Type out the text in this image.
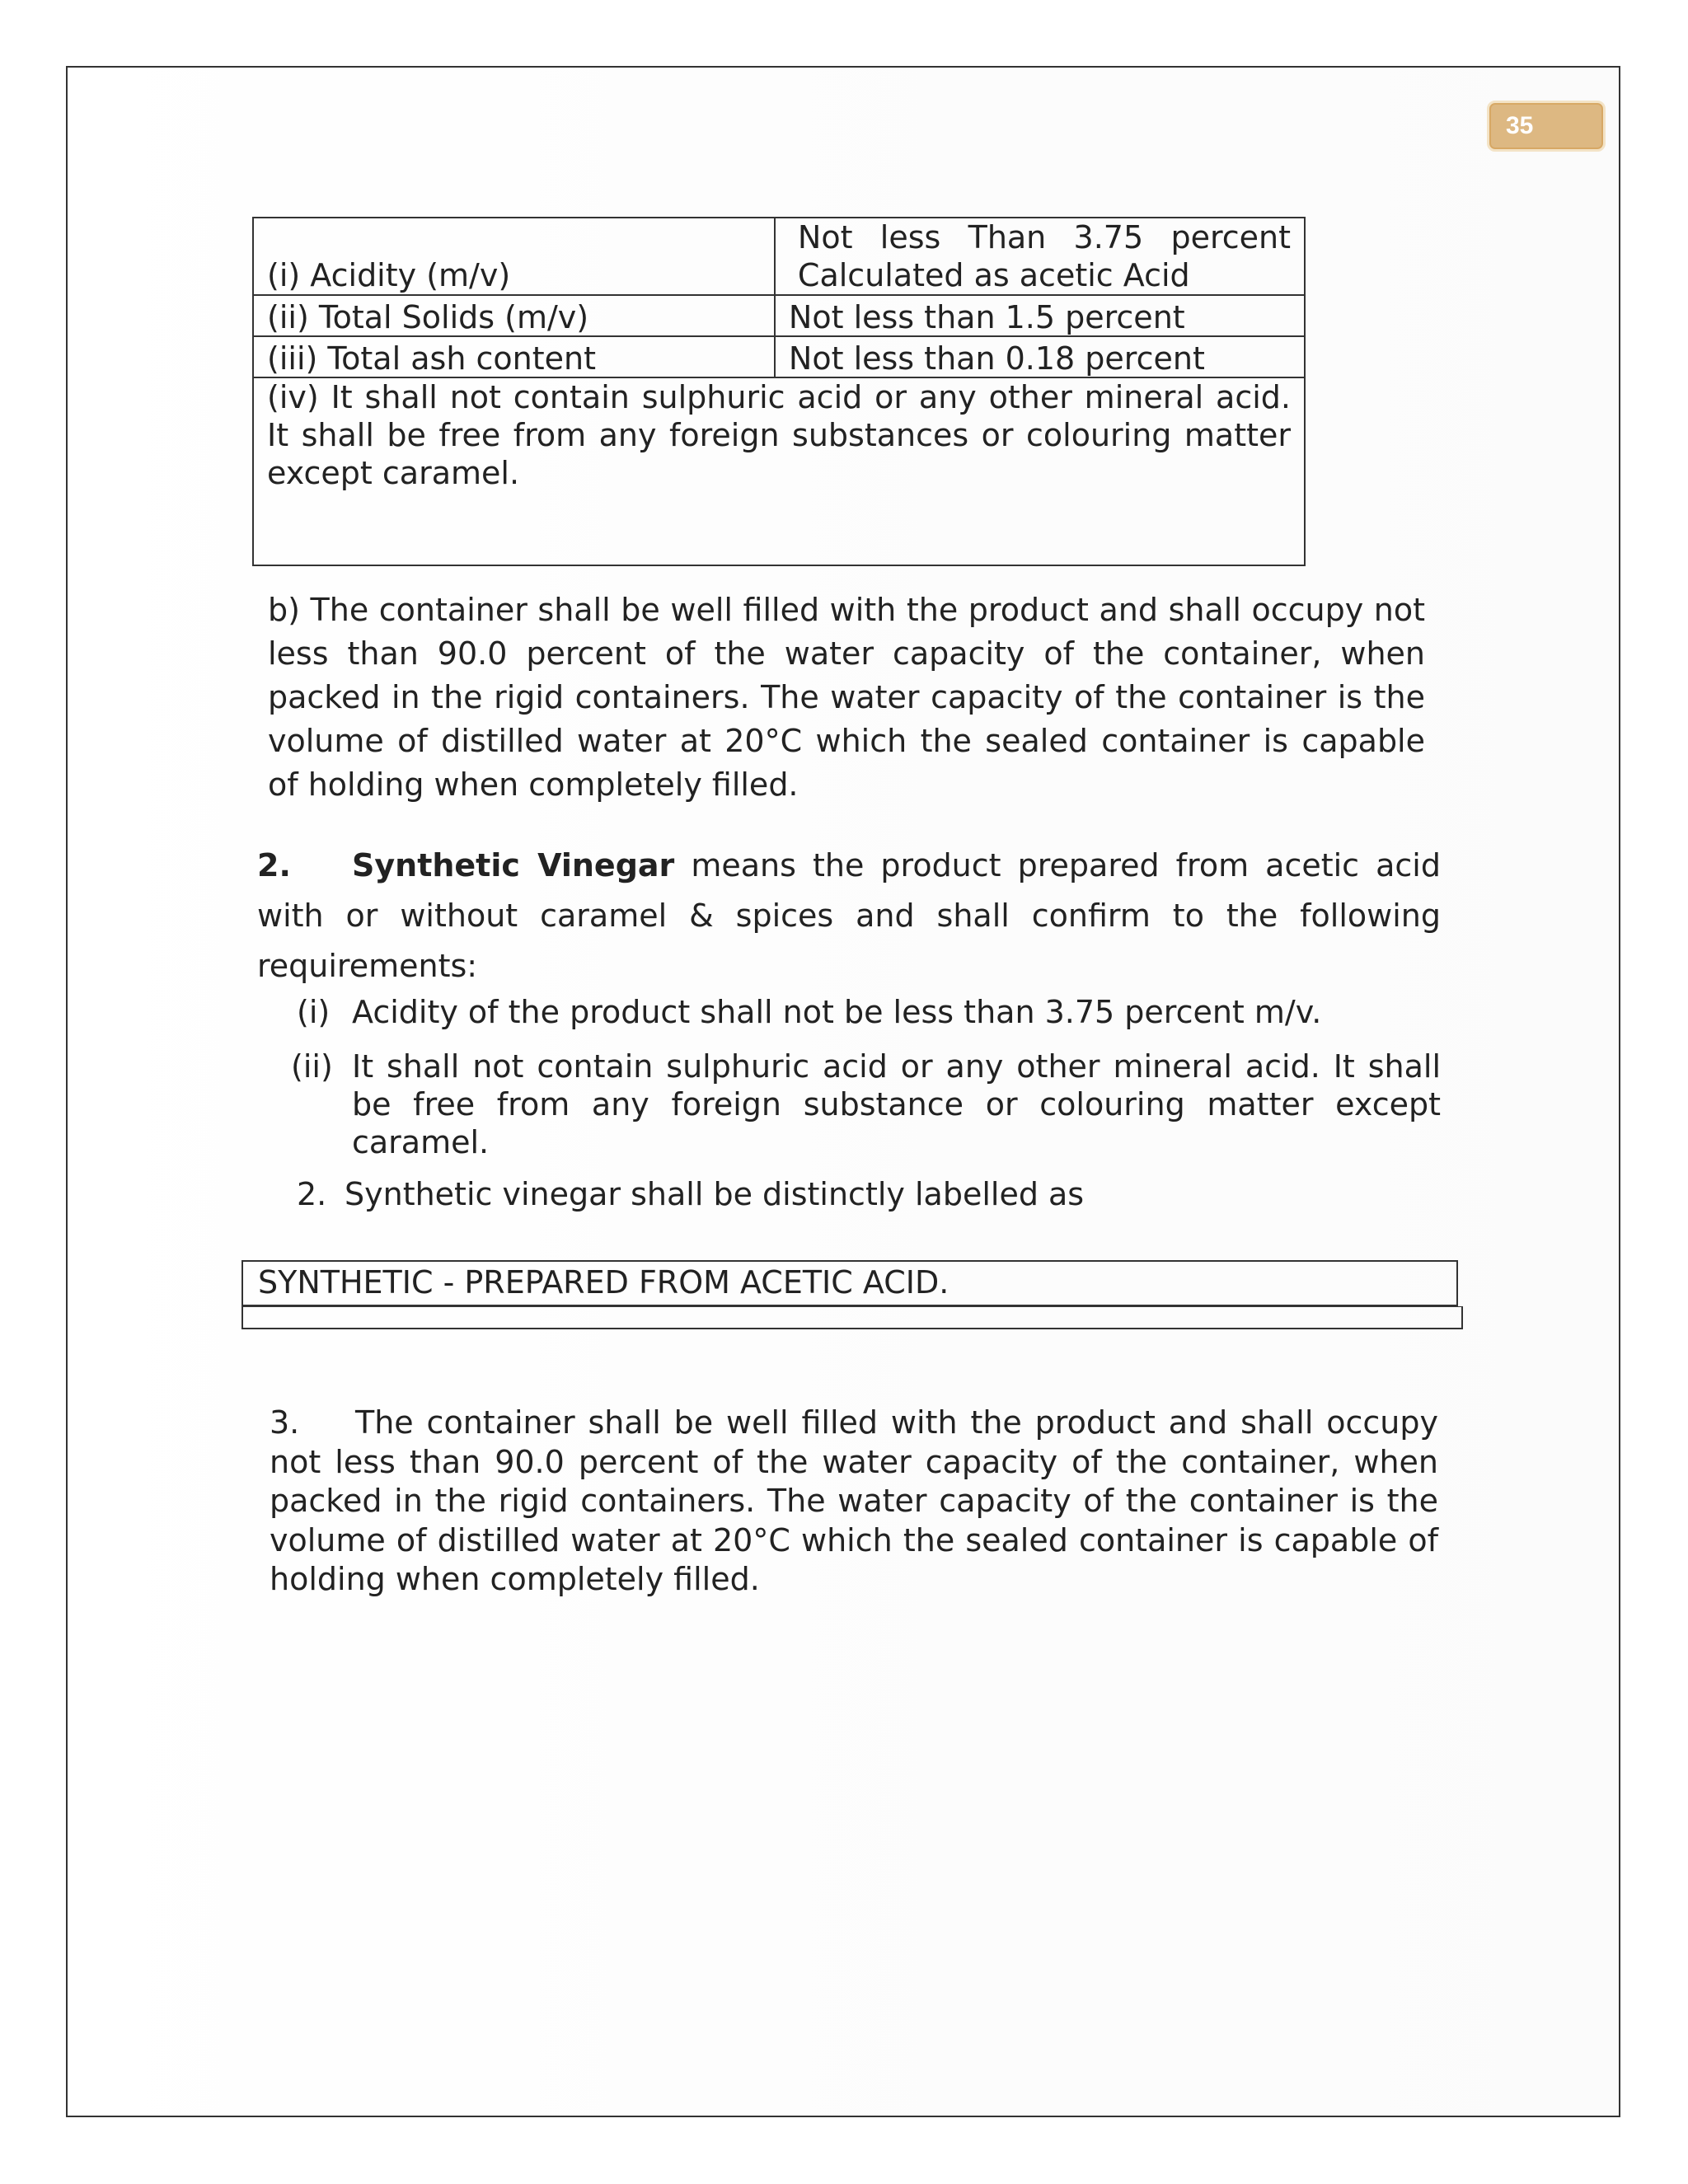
35
(i) Acidity (m/v)	Not less Than 3.75 percent Calculated as acetic Acid
(ii) Total Solids (m/v)	Not less than 1.5 percent
(iii) Total ash content	Not less than 0.18 percent
(iv) It shall not contain sulphuric acid or any other mineral acid. It shall be free from any foreign substances or colouring matter except caramel.	

b) The container shall be well filled with the product and shall occupy not less than 90.0 percent of the water capacity of the container, when packed in the rigid containers. The water capacity of the container is the volume of distilled water at 20°C which the sealed container is capable of holding when completely filled.

2. Synthetic Vinegar means the product prepared from acetic acid with or without caramel & spices and shall confirm to the following requirements:

(i) Acidity of the product shall not be less than 3.75 percent m/v.
(ii) It shall not contain sulphuric acid or any other mineral acid. It shall be free from any foreign substance or colouring matter except caramel.
2. Synthetic vinegar shall be distinctly labelled as
SYNTHETIC - PREPARED FROM ACETIC ACID.

3. The container shall be well filled with the product and shall occupy not less than 90.0 percent of the water capacity of the container, when packed in the rigid containers. The water capacity of the container is the volume of distilled water at 20°C which the sealed container is capable of holding when completely filled.
